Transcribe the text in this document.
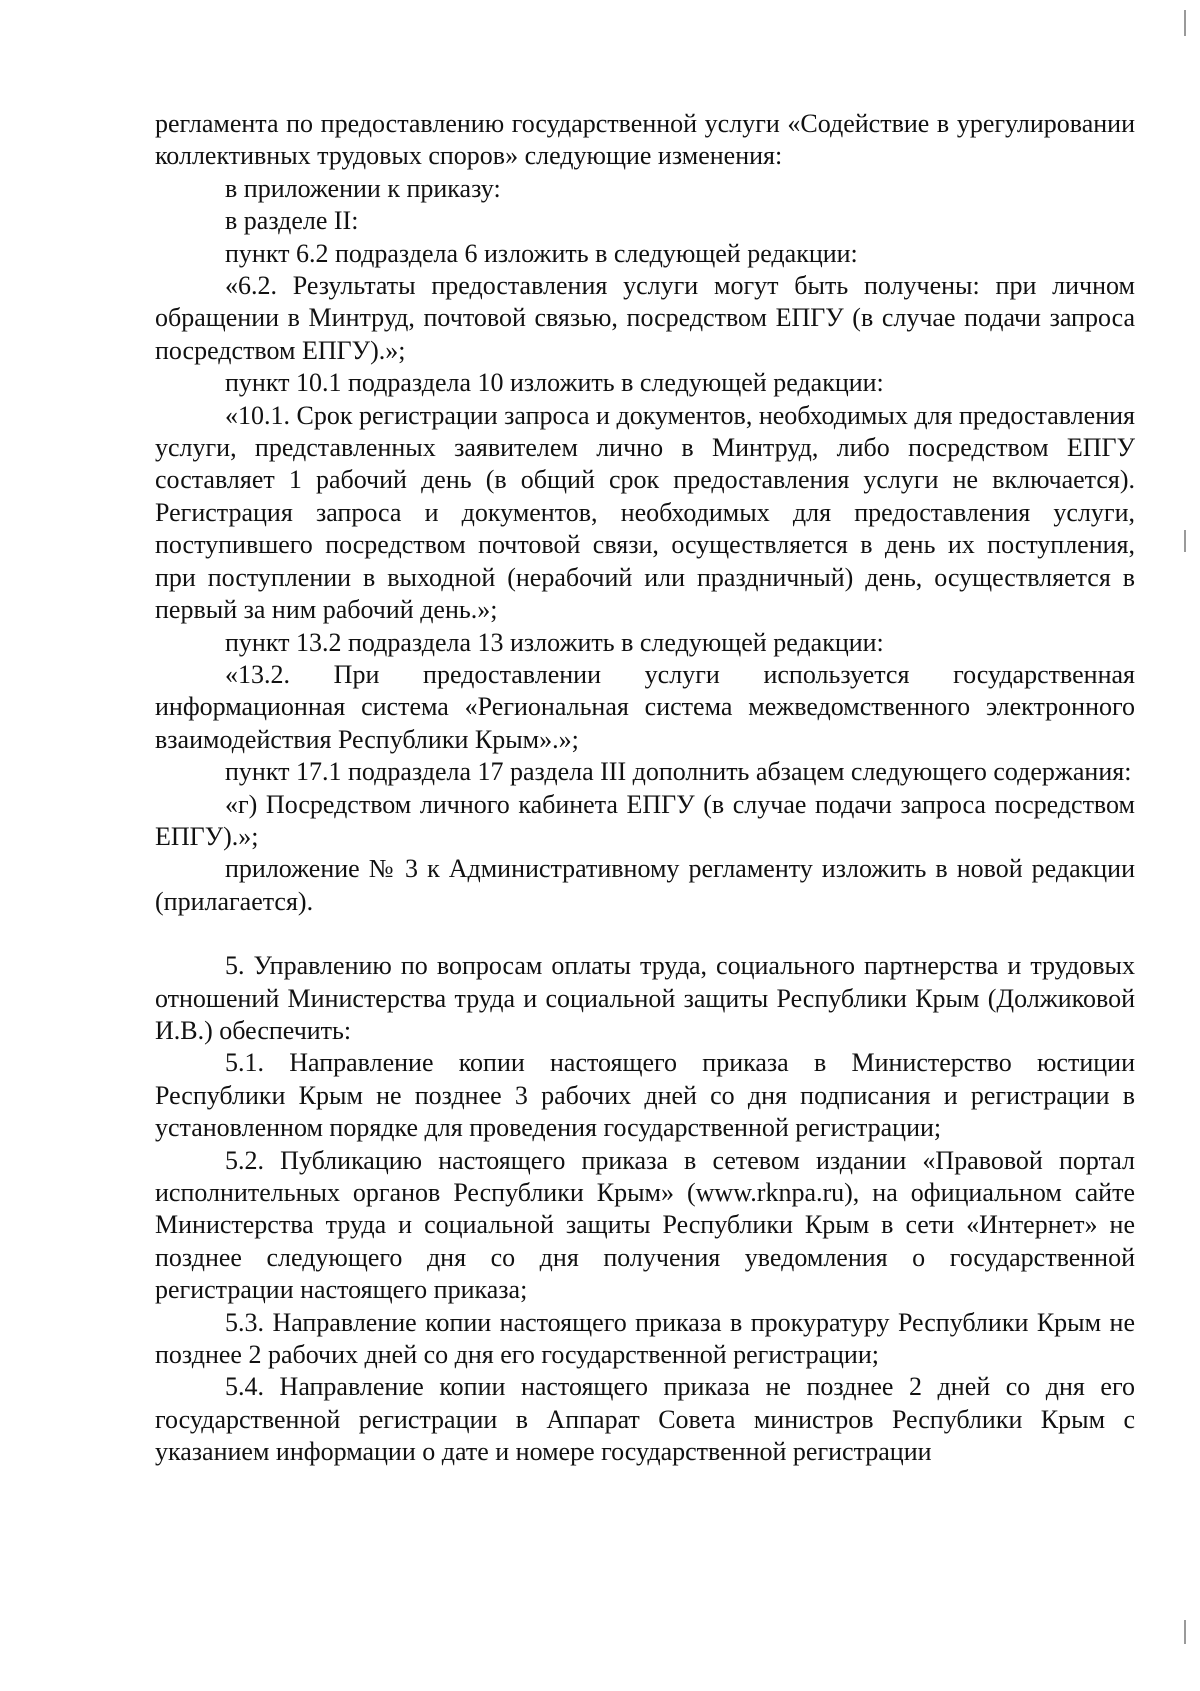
регламента по предоставлению государственной услуги «Содействие в урегулировании коллективных трудовых споров» следующие изменения:

в приложении к приказу:

в разделе II:

пункт 6.2 подраздела 6 изложить в следующей редакции:

«6.2. Результаты предоставления услуги могут быть получены: при личном обращении в Минтруд, почтовой связью, посредством ЕПГУ (в случае подачи запроса посредством ЕПГУ).»;

пункт 10.1 подраздела 10 изложить в следующей редакции:

«10.1. Срок регистрации запроса и документов, необходимых для предоставления услуги, представленных заявителем лично в Минтруд, либо посредством ЕПГУ составляет 1 рабочий день (в общий срок предоставления услуги не включается). Регистрация запроса и документов, необходимых для предоставления услуги, поступившего посредством почтовой связи, осуществляется в день их поступления, при поступлении в выходной (нерабочий или праздничный) день, осуществляется в первый за ним рабочий день.»;

пункт 13.2 подраздела 13 изложить в следующей редакции:

«13.2. При предоставлении услуги используется государственная информационная система «Региональная система межведомственного электронного взаимодействия Республики Крым».»;

пункт 17.1 подраздела 17 раздела III дополнить абзацем следующего содержания:

«г) Посредством личного кабинета ЕПГУ (в случае подачи запроса посредством ЕПГУ).»;

приложение № 3 к Административному регламенту изложить в новой редакции (прилагается).

5. Управлению по вопросам оплаты труда, социального партнерства и трудовых отношений Министерства труда и социальной защиты Республики Крым (Должиковой И.В.) обеспечить:

5.1. Направление копии настоящего приказа в Министерство юстиции Республики Крым не позднее 3 рабочих дней со дня подписания и регистрации в установленном порядке для проведения государственной регистрации;

5.2. Публикацию настоящего приказа в сетевом издании «Правовой портал исполнительных органов Республики Крым» (www.rknpa.ru), на официальном сайте Министерства труда и социальной защиты Республики Крым в сети «Интернет» не позднее следующего дня со дня получения уведомления о государственной регистрации настоящего приказа;

5.3. Направление копии настоящего приказа в прокуратуру Республики Крым не позднее 2 рабочих дней со дня его государственной регистрации;

5.4. Направление копии настоящего приказа не позднее 2 дней со дня его государственной регистрации в Аппарат Совета министров Республики Крым с указанием информации о дате и номере государственной регистрации
